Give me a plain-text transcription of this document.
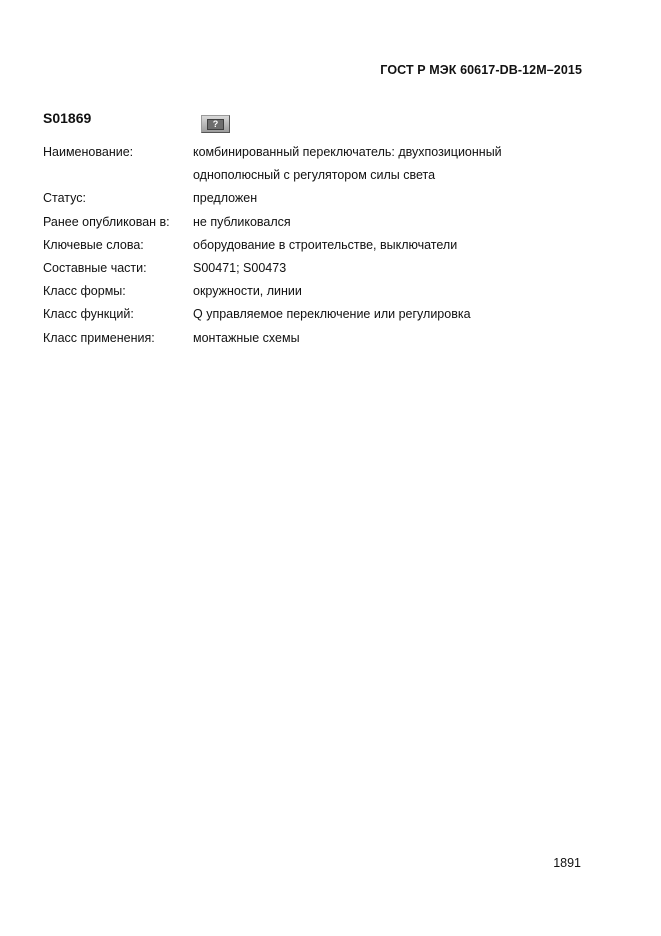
ГОСТ Р МЭК 60617-DB-12M–2015
S01869	?
Наименование:	комбинированный переключатель: двухпозиционный
однополюсный с регулятором силы света
Статус:	предложен
Ранее опубликован в:	не публиковался
Ключевые слова:	оборудование в строительстве, выключатели
Составные части:	S00471; S00473
Класс формы:	окружности, линии
Класс функций:	Q управляемое переключение или регулировка
Класс применения:	монтажные схемы
1891
